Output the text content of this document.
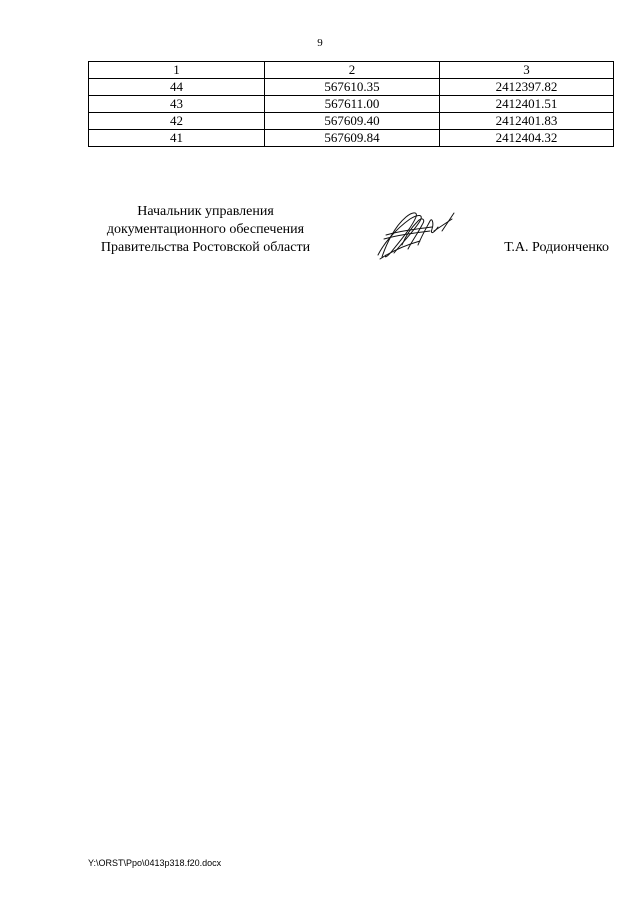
9
1	2	3
44	567610.35	2412397.82
43	567611.00	2412401.51
42	567609.40	2412401.83
41	567609.84	2412404.32
Начальник управления
документационного обеспечения
Правительства Ростовской области	Т.А. Родионченко
Y:\ORST\Ppo\0413p318.f20.docx
